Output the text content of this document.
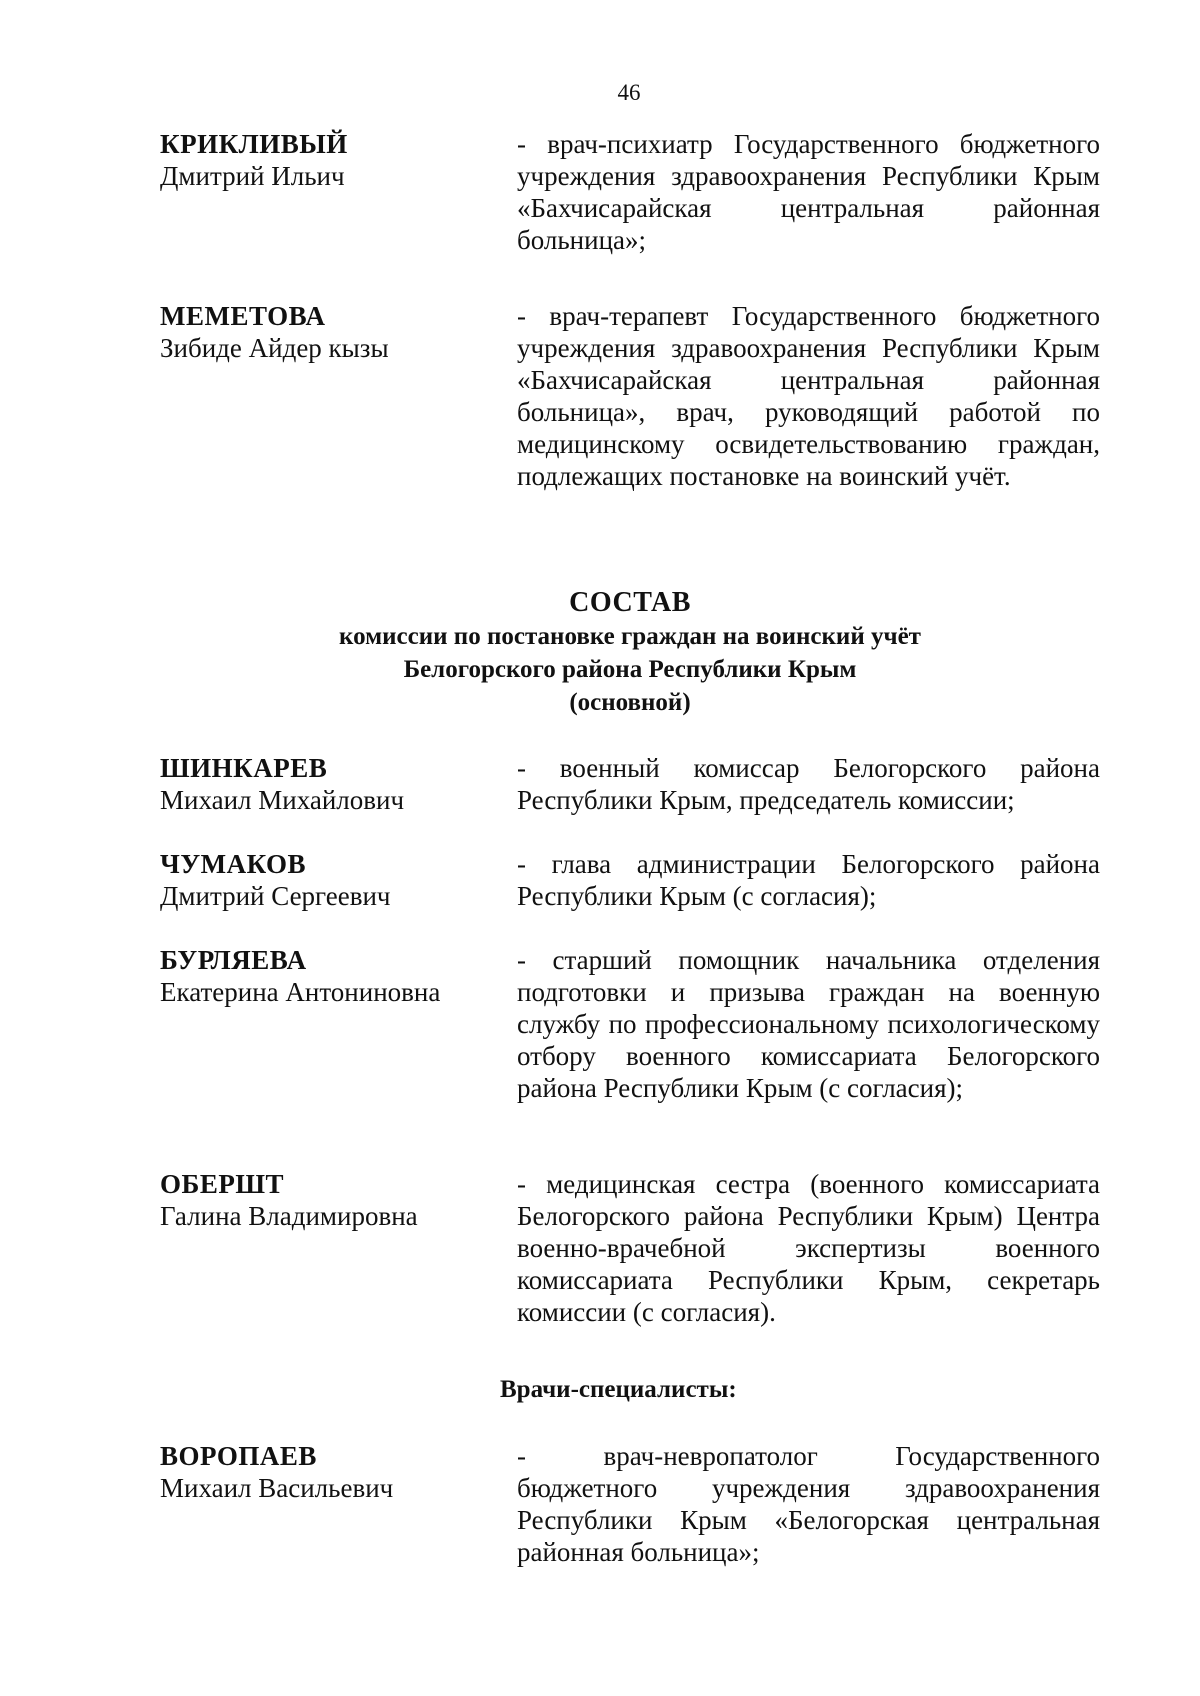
46
КРИКЛИВЫЙ
Дмитрий Ильич
- врач-психиатр Государственного бюджетного учреждения здравоохранения Республики Крым «Бахчисарайская центральная районная больница»;
МЕМЕТОВА
Зибиде Айдер кызы
- врач-терапевт Государственного бюджетного учреждения здравоохранения Республики Крым «Бахчисарайская центральная районная больница», врач, руководящий работой по медицинскому освидетельствованию граждан, подлежащих постановке на воинский учёт.
СОСТАВ
комиссии по постановке граждан на воинский учёт
Белогорского района Республики Крым
(основной)
ШИНКАРЕВ
Михаил Михайлович
- военный комиссар Белогорского района Республики Крым, председатель комиссии;
ЧУМАКОВ
Дмитрий Сергеевич
- глава администрации Белогорского района Республики Крым (с согласия);
БУРЛЯЕВА
Екатерина Антониновна
- старший помощник начальника отделения подготовки и призыва граждан на военную службу по профессиональному психологическому отбору военного комиссариата Белогорского района Республики Крым (с согласия);
ОБЕРШТ
Галина Владимировна
- медицинская сестра (военного комиссариата Белогорского района Республики Крым) Центра военно-врачебной экспертизы военного комиссариата Республики Крым, секретарь комиссии (с согласия).
Врачи-специалисты:
ВОРОПАЕВ
Михаил Васильевич
- врач-невропатолог Государственного бюджетного учреждения здравоохранения Республики Крым «Белогорская центральная районная больница»;
